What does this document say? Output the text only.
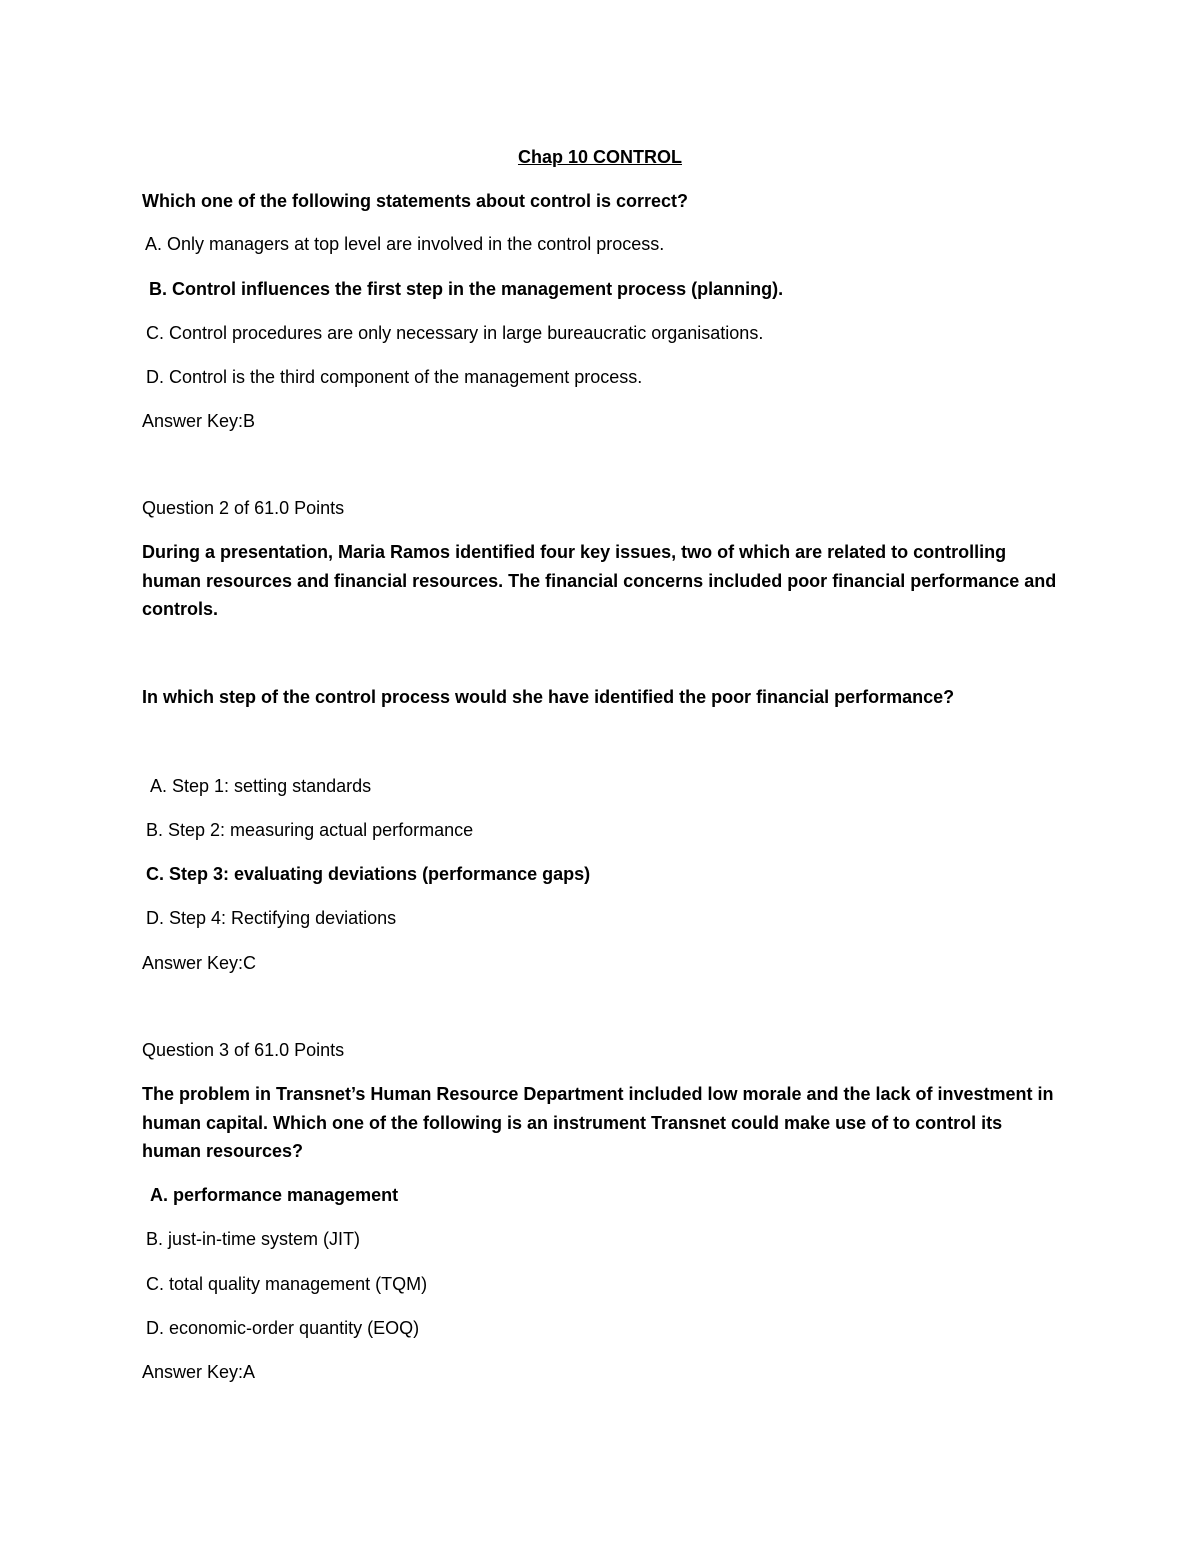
Chap 10 CONTROL
Which one of the following statements about control is correct?
A. Only managers at top level are involved in the control process.
B. Control influences the first step in the management process (planning).
C. Control procedures are only necessary in large bureaucratic organisations.
D. Control is the third component of the management process.
Answer Key:B
Question 2 of 61.0 Points
During a presentation, Maria Ramos identified four key issues, two of which are related to controlling human resources and financial resources. The financial concerns included poor financial performance and controls.
In which step of the control process would she have identified the poor financial performance?
A. Step 1: setting standards
B. Step 2: measuring actual performance
C. Step 3: evaluating deviations (performance gaps)
D. Step 4: Rectifying deviations
Answer Key:C
Question 3 of 61.0 Points
The problem in Transnet’s Human Resource Department included low morale and the lack of investment in human capital. Which one of the following is an instrument Transnet could make use of to control its human resources?
A. performance management
B. just-in-time system (JIT)
C. total quality management (TQM)
D. economic-order quantity (EOQ)
Answer Key:A
